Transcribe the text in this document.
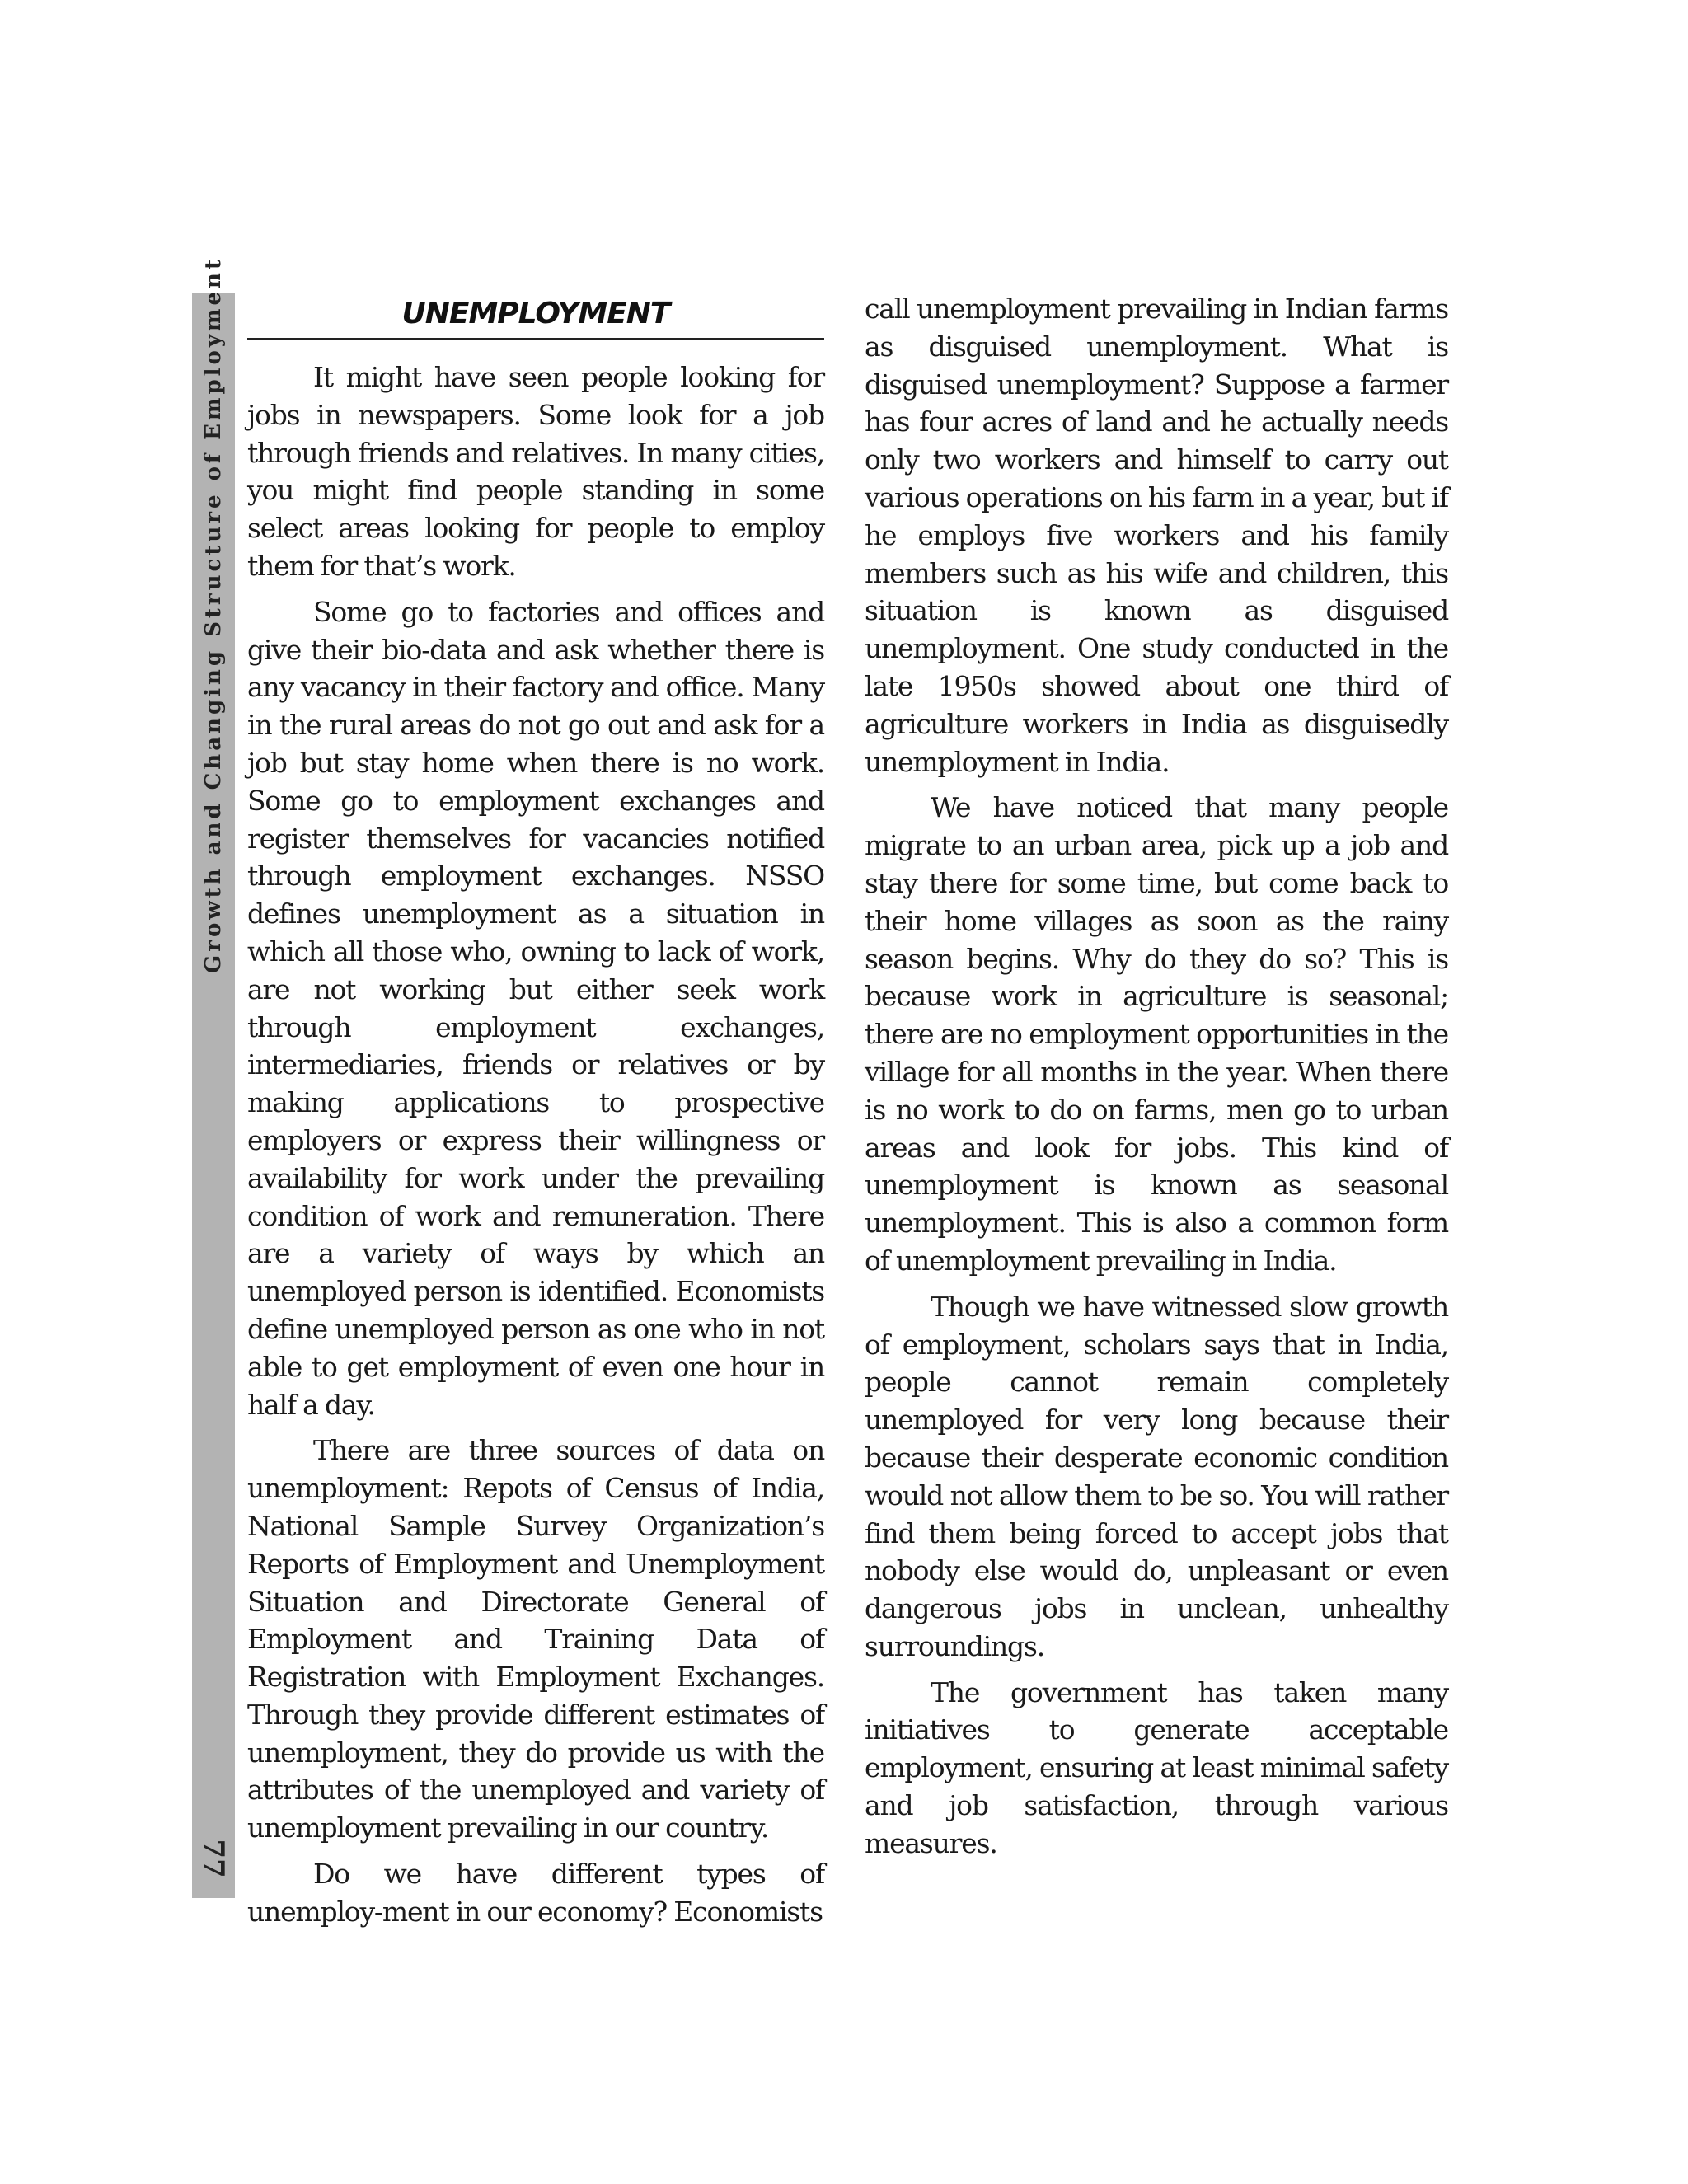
Growth and Changing Structure of Employment
77
UNEMPLOYMENT

It might have seen people looking for jobs in newspapers. Some look for a job through friends and relatives. In many cities, you might find people standing in some select areas looking for people to employ them for that’s work.

Some go to factories and offices and give their bio-data and ask whether there is any vacancy in their factory and office. Many in the rural areas do not go out and ask for a job but stay home when there is no work. Some go to employment exchanges and register themselves for vacancies notified through employment exchanges. NSSO defines unemployment as a situation in which all those who, owning to lack of work, are not working but either seek work through employment exchanges, intermediaries, friends or relatives or by making applications to prospective employers or express their willingness or availability for work under the prevailing condition of work and remuneration. There are a variety of ways by which an unemployed person is identified. Economists define unemployed person as one who in not able to get employment of even one hour in half a day.

There are three sources of data on unemployment: Repots of Census of India, National Sample Survey Organization’s Reports of Employment and Unemployment Situation and Directorate General of Employment and Training Data of Registration with Employment Exchanges. Through they provide different estimates of unemployment, they do provide us with the attributes of the unemployed and variety of unemployment prevailing in our country.

Do we have different types of unemploy-ment in our economy? Economists

call unemployment prevailing in Indian farms as disguised unemployment. What is disguised unemployment? Suppose a farmer has four acres of land and he actually needs only two workers and himself to carry out various operations on his farm in a year, but if he employs five workers and his family members such as his wife and children, this situation is known as disguised unemployment. One study conducted in the late 1950s showed about one third of agriculture workers in India as disguisedly unemployment in India.

We have noticed that many people migrate to an urban area, pick up a job and stay there for some time, but come back to their home villages as soon as the rainy season begins. Why do they do so? This is because work in agriculture is seasonal; there are no employment opportunities in the village for all months in the year. When there is no work to do on farms, men go to urban areas and look for jobs. This kind of unemployment is known as seasonal unemployment. This is also a common form of unemployment prevailing in India.

Though we have witnessed slow growth of employment, scholars says that in India, people cannot remain completely unemployed for very long because their because their desperate economic condition would not allow them to be so. You will rather find them being forced to accept jobs that nobody else would do, unpleasant or even dangerous jobs in unclean, unhealthy surroundings.

The government has taken many initiatives to generate acceptable employment, ensuring at least minimal safety and job satisfaction, through various measures.
